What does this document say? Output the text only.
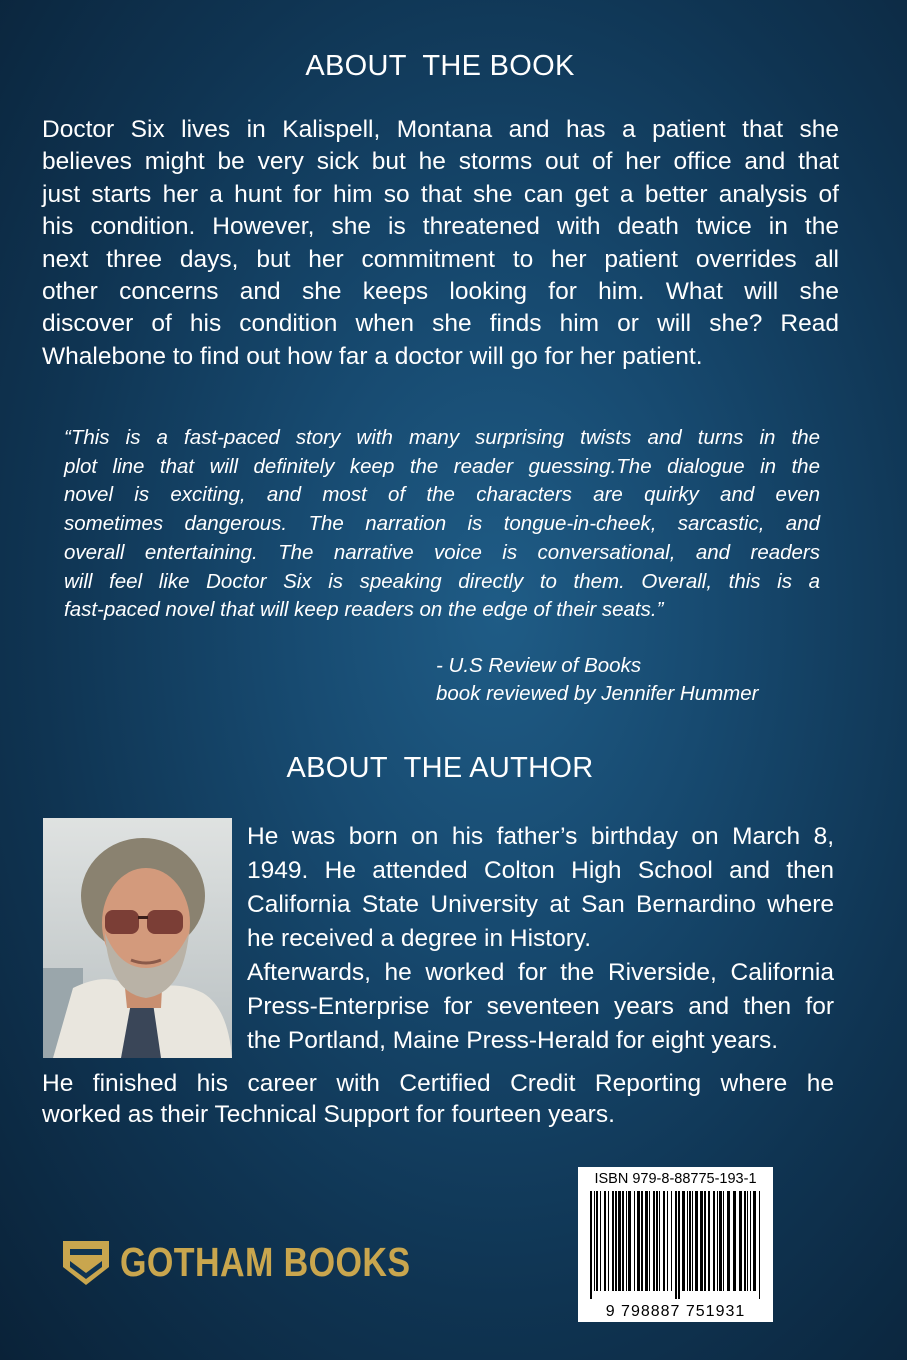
ABOUT  THE BOOK
Doctor Six lives in Kalispell, Montana and has a patient that she
believes might be very sick but he storms out of her office and that
just starts her a hunt for him so that she can get a better analysis of
his condition. However, she is threatened with death twice in the
next three days, but her commitment to her patient overrides all
other concerns and she keeps looking for him. What will she
discover of his condition when she finds him or will she? Read
Whalebone to find out how far a doctor will go for her patient.
“This is a fast-paced story with many surprising twists and turns in the
plot line that will definitely keep the reader guessing.The dialogue in the
novel is exciting, and most of the characters are quirky and even
sometimes dangerous. The narration is tongue-in-cheek, sarcastic, and
overall entertaining. The narrative voice is conversational, and readers
will feel like Doctor Six is speaking directly to them. Overall, this is a
fast-paced novel that will keep readers on the edge of their seats.”
- U.S Review of Books
book reviewed by Jennifer Hummer
ABOUT  THE AUTHOR
He was born on his father’s birthday on March 8,
1949. He attended Colton High School and then
California State University at San Bernardino where
he received a degree in History.
Afterwards, he worked for the Riverside, California
Press-Enterprise for seventeen years and then for
the Portland, Maine Press-Herald for eight years.
He finished his career with Certified Credit Reporting where he
worked as their Technical Support for fourteen years.
ISBN 979-8-88775-193-1
9 798887 751931
GOTHAM BOOKS
